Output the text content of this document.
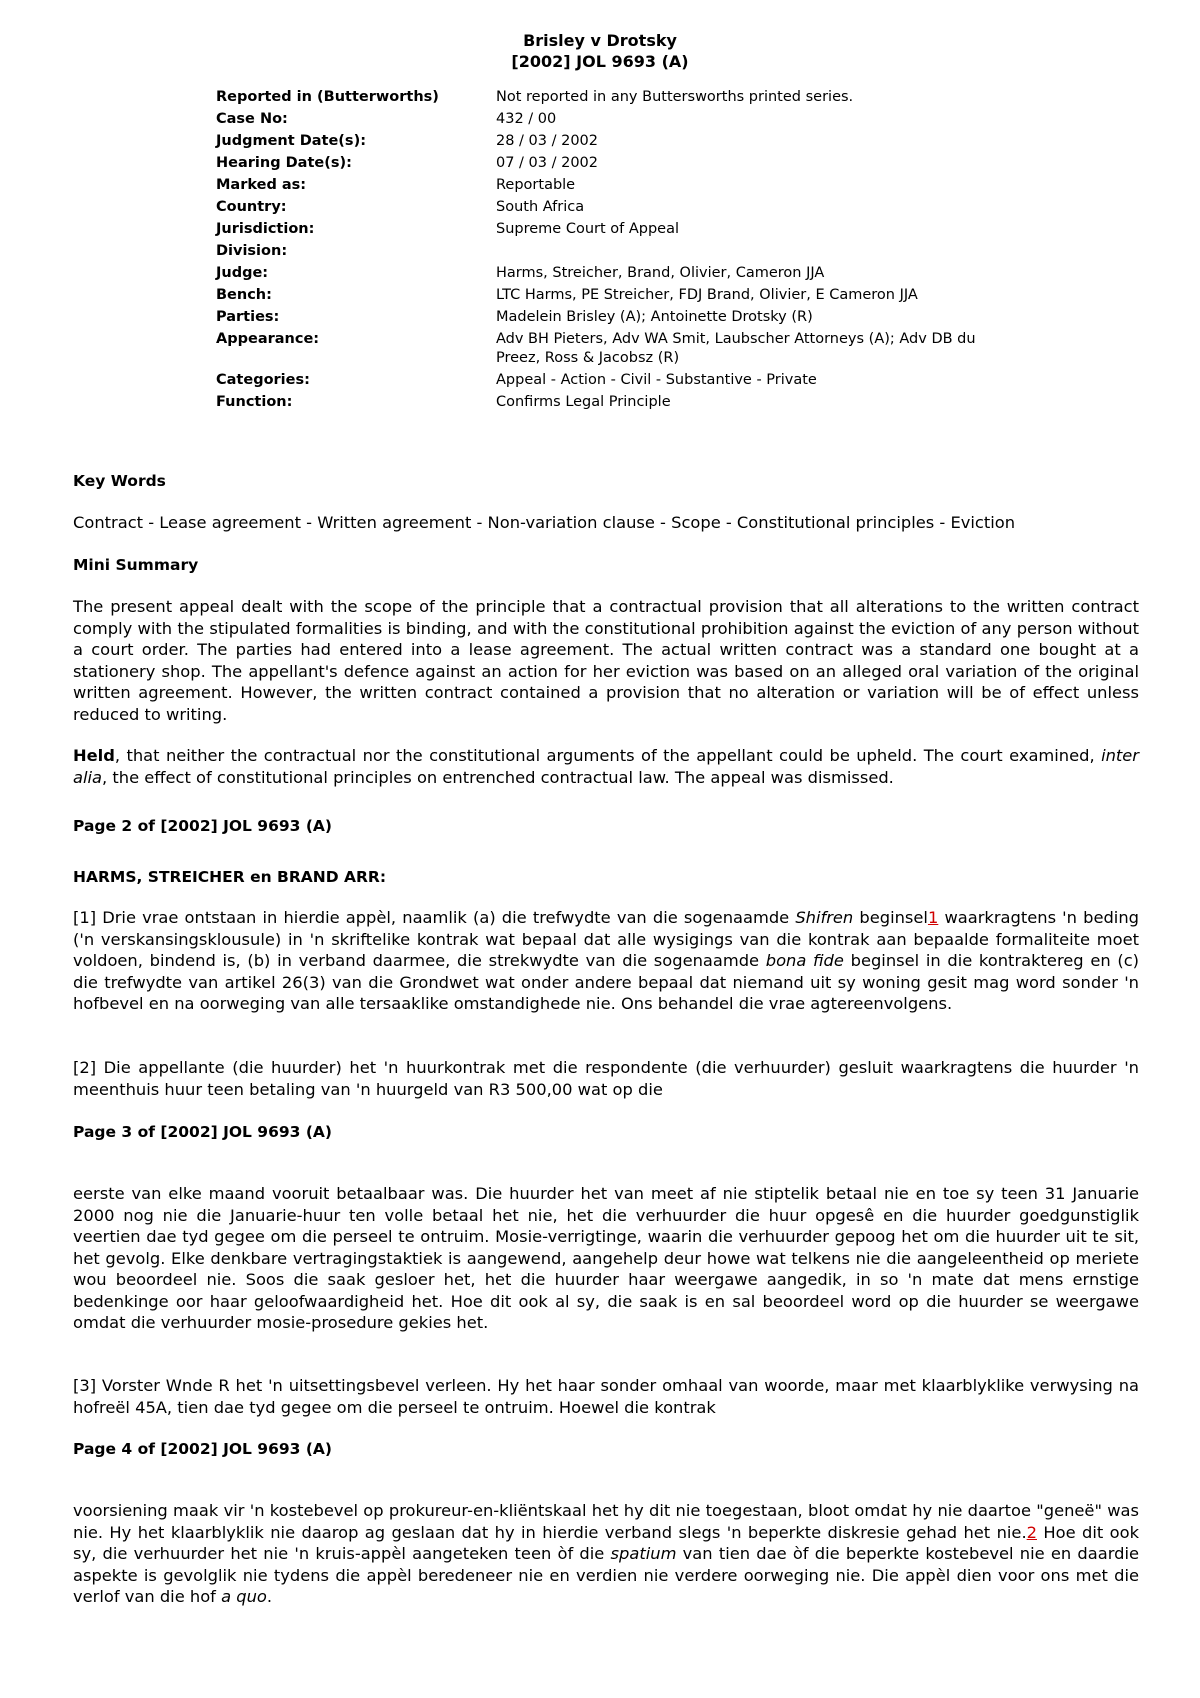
Brisley v Drotsky
[2002] JOL 9693 (A)
Reported in (Butterworths)	Not reported in any Buttersworths printed series.
Case No:	432 / 00
Judgment Date(s):	28 / 03 / 2002
Hearing Date(s):	07 / 03 / 2002
Marked as:	Reportable
Country:	South Africa
Jurisdiction:	Supreme Court of Appeal
Division:	
Judge:	Harms, Streicher, Brand, Olivier, Cameron JJA
Bench:	LTC Harms, PE Streicher, FDJ Brand, Olivier, E Cameron JJA
Parties:	Madelein Brisley (A); Antoinette Drotsky (R)
Appearance:	Adv BH Pieters, Adv WA Smit, Laubscher Attorneys (A); Adv DB du Preez, Ross & Jacobsz (R)
Categories:	Appeal - Action - Civil - Substantive - Private
Function:	Confirms Legal Principle
Key Words
Contract - Lease agreement - Written agreement - Non-variation clause - Scope - Constitutional principles - Eviction
Mini Summary
The present appeal dealt with the scope of the principle that a contractual provision that all alterations to the written contract comply with the stipulated formalities is binding, and with the constitutional prohibition against the eviction of any person without a court order. The parties had entered into a lease agreement. The actual written contract was a standard one bought at a stationery shop. The appellant's defence against an action for her eviction was based on an alleged oral variation of the original written agreement. However, the written contract contained a provision that no alteration or variation will be of effect unless reduced to writing.
Held, that neither the contractual nor the constitutional arguments of the appellant could be upheld. The court examined, inter alia, the effect of constitutional principles on entrenched contractual law. The appeal was dismissed.
Page 2 of [2002] JOL 9693 (A)
HARMS, STREICHER en BRAND ARR:
[1] Drie vrae ontstaan in hierdie appèl, naamlik (a) die trefwydte van die sogenaamde Shifren beginsel1 waarkragtens 'n beding ('n verskansingsklousule) in 'n skriftelike kontrak wat bepaal dat alle wysigings van die kontrak aan bepaalde formaliteite moet voldoen, bindend is, (b) in verband daarmee, die strekwydte van die sogenaamde bona fide beginsel in die kontraktereg en (c) die trefwydte van artikel 26(3) van die Grondwet wat onder andere bepaal dat niemand uit sy woning gesit mag word sonder 'n hofbevel en na oorweging van alle tersaaklike omstandighede nie. Ons behandel die vrae agtereenvolgens.
[2] Die appellante (die huurder) het 'n huurkontrak met die respondente (die verhuurder) gesluit waarkragtens die huurder 'n meenthuis huur teen betaling van 'n huurgeld van R3 500,00 wat op die
Page 3 of [2002] JOL 9693 (A)
eerste van elke maand vooruit betaalbaar was. Die huurder het van meet af nie stiptelik betaal nie en toe sy teen 31 Januarie 2000 nog nie die Januarie-huur ten volle betaal het nie, het die verhuurder die huur opgesê en die huurder goedgunstiglik veertien dae tyd gegee om die perseel te ontruim. Mosie-verrigtinge, waarin die verhuurder gepoog het om die huurder uit te sit, het gevolg. Elke denkbare vertragingstaktiek is aangewend, aangehelp deur howe wat telkens nie die aangeleentheid op meriete wou beoordeel nie. Soos die saak gesloer het, het die huurder haar weergawe aangedik, in so 'n mate dat mens ernstige bedenkinge oor haar geloofwaardigheid het. Hoe dit ook al sy, die saak is en sal beoordeel word op die huurder se weergawe omdat die verhuurder mosie-prosedure gekies het.
[3] Vorster Wnde R het 'n uitsettingsbevel verleen. Hy het haar sonder omhaal van woorde, maar met klaarblyklike verwysing na hofreël 45A, tien dae tyd gegee om die perseel te ontruim. Hoewel die kontrak
Page 4 of [2002] JOL 9693 (A)
voorsiening maak vir 'n kostebevel op prokureur-en-kliëntskaal het hy dit nie toegestaan, bloot omdat hy nie daartoe "geneë" was nie. Hy het klaarblyklik nie daarop ag geslaan dat hy in hierdie verband slegs 'n beperkte diskresie gehad het nie.2 Hoe dit ook sy, die verhuurder het nie 'n kruis-appèl aangeteken teen òf die spatium van tien dae òf die beperkte kostebevel nie en daardie aspekte is gevolglik nie tydens die appèl beredeneer nie en verdien nie verdere oorweging nie. Die appèl dien voor ons met die verlof van die hof a quo.
